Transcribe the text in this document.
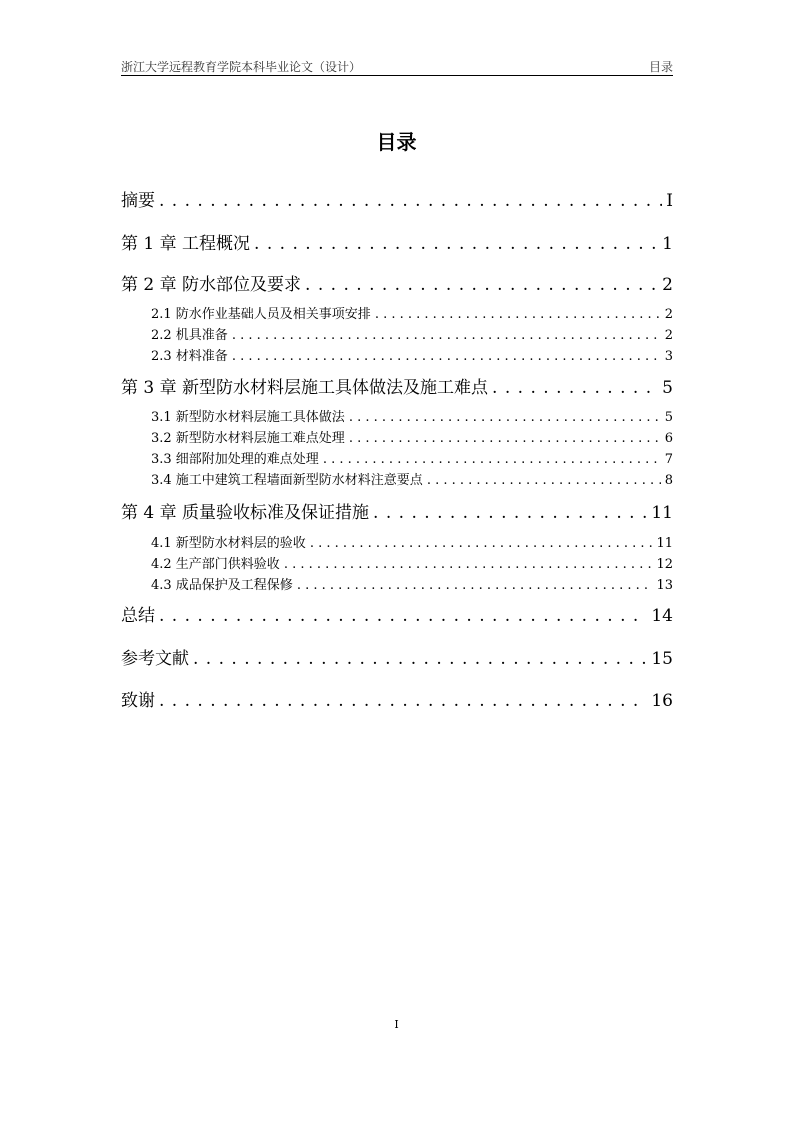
浙江大学远程教育学院本科毕业论文（设计）	目录
目录
摘要 . . .	I
第 1 章 工程概况 . . .	1
第 2 章 防水部位及要求 . . .	2
2.1 防水作业基础人员及相关事项安排 . . .	2
2.2 机具准备 . . .	2
2.3 材料准备 . . .	3
第 3 章 新型防水材料层施工具体做法及施工难点 . . .	5
3.1 新型防水材料层施工具体做法 . . .	5
3.2 新型防水材料层施工难点处理 . . .	6
3.3 细部附加处理的难点处理 . . .	7
3.4 施工中建筑工程墙面新型防水材料注意要点 . . .	8
第 4 章 质量验收标准及保证措施 . . .	11
4.1 新型防水材料层的验收 . . .	11
4.2 生产部门供料验收 . . .	12
4.3 成品保护及工程保修 . . .	13
总结 . . .	14
参考文献 . . .	15
致谢 . . .	16
I
